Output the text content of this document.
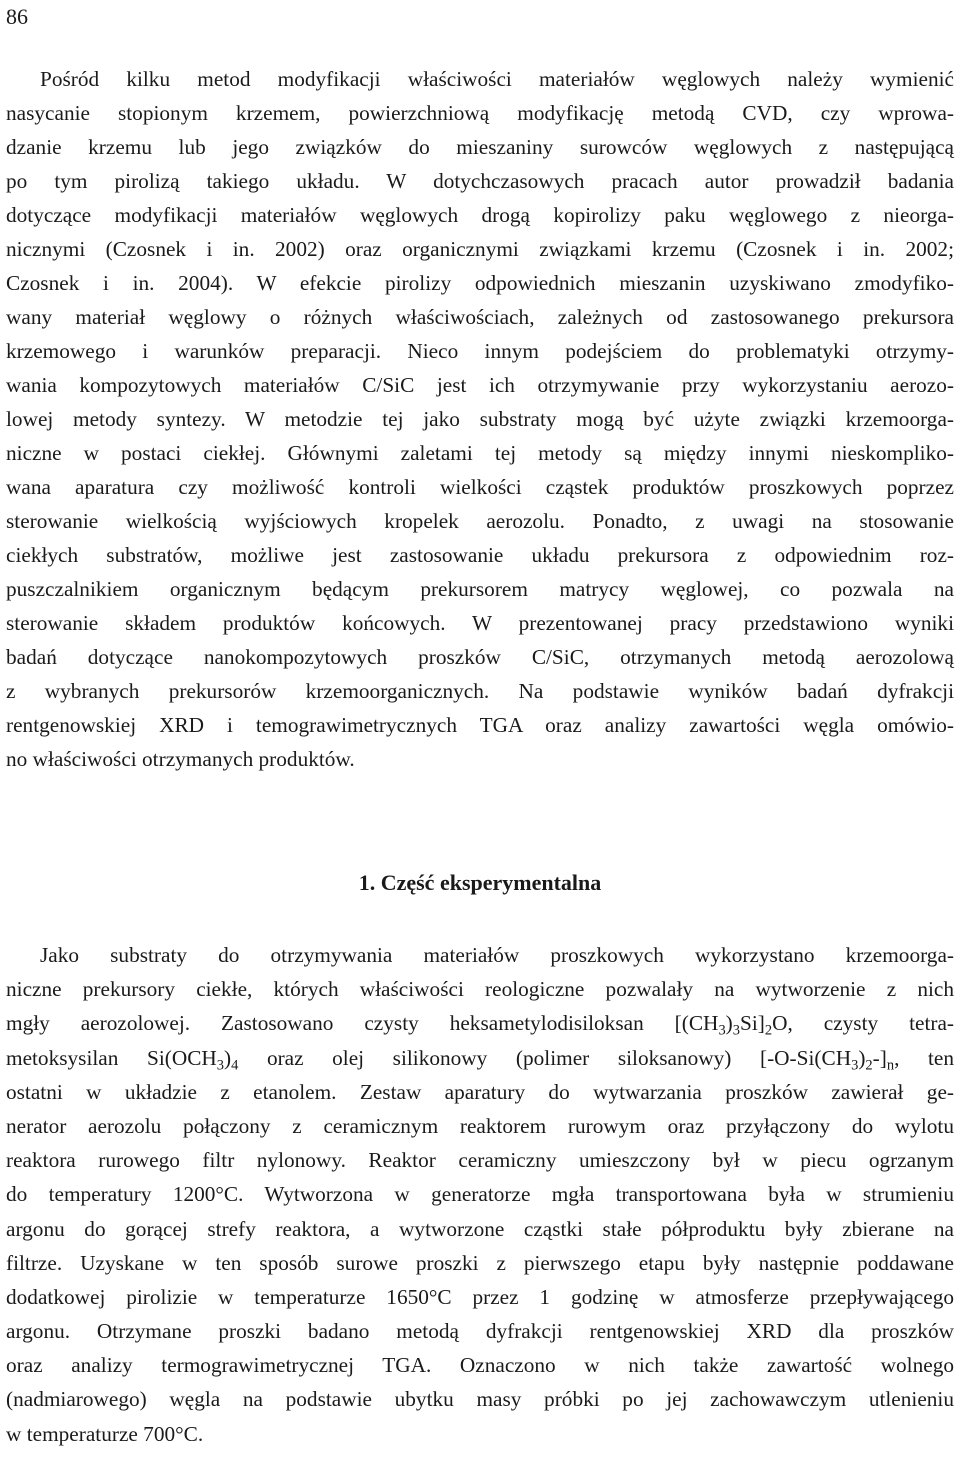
86
Pośród kilku metod modyfikacji właściwości materiałów węglowych należy wymienić
nasycanie stopionym krzemem, powierzchniową modyfikację metodą CVD, czy wprowa-
dzanie krzemu lub jego związków do mieszaniny surowców węglowych z następującą
po tym pirolizą takiego układu. W dotychczasowych pracach autor prowadził badania
dotyczące modyfikacji materiałów węglowych drogą kopirolizy paku węglowego z nieorga-
nicznymi (Czosnek i in. 2002) oraz organicznymi związkami krzemu (Czosnek i in. 2002;
Czosnek i in. 2004). W efekcie pirolizy odpowiednich mieszanin uzyskiwano zmodyfiko-
wany materiał węglowy o różnych właściwościach, zależnych od zastosowanego prekursora
krzemowego i warunków preparacji. Nieco innym podejściem do problematyki otrzymy-
wania kompozytowych materiałów C/SiC jest ich otrzymywanie przy wykorzystaniu aerozo-
lowej metody syntezy. W metodzie tej jako substraty mogą być użyte związki krzemoorga-
niczne w postaci ciekłej. Głównymi zaletami tej metody są między innymi nieskompliko-
wana aparatura czy możliwość kontroli wielkości cząstek produktów proszkowych poprzez
sterowanie wielkością wyjściowych kropelek aerozolu. Ponadto, z uwagi na stosowanie
ciekłych substratów, możliwe jest zastosowanie układu prekursora z odpowiednim roz-
puszczalnikiem organicznym będącym prekursorem matrycy węglowej, co pozwala na
sterowanie składem produktów końcowych. W prezentowanej pracy przedstawiono wyniki
badań dotyczące nanokompozytowych proszków C/SiC, otrzymanych metodą aerozolową
z wybranych prekursorów krzemoorganicznych. Na podstawie wyników badań dyfrakcji
rentgenowskiej XRD i temograwimetrycznych TGA oraz analizy zawartości węgla omówio-
no właściwości otrzymanych produktów.
1. Część eksperymentalna
Jako substraty do otrzymywania materiałów proszkowych wykorzystano krzemoorga-
niczne prekursory ciekłe, których właściwości reologiczne pozwalały na wytworzenie z nich
mgły aerozolowej. Zastosowano czysty heksametylodisiloksan $[(CH_3)_3Si]_2O$, czysty tetra-
metoksysilan $Si(OCH_3)_4$ oraz olej silikonowy (polimer siloksanowy) $[-O-Si(CH_3)_2-]_n$, ten
ostatni w układzie z etanolem. Zestaw aparatury do wytwarzania proszków zawierał ge-
nerator aerozolu połączony z ceramicznym reaktorem rurowym oraz przyłączony do wylotu
reaktora rurowego filtr nylonowy. Reaktor ceramiczny umieszczony był w piecu ogrzanym
do temperatury 1200°C. Wytworzona w generatorze mgła transportowana była w strumieniu
argonu do gorącej strefy reaktora, a wytworzone cząstki stałe półproduktu były zbierane na
filtrze. Uzyskane w ten sposób surowe proszki z pierwszego etapu były następnie poddawane
dodatkowej pirolizie w temperaturze 1650°C przez 1 godzinę w atmosferze przepływającego
argonu. Otrzymane proszki badano metodą dyfrakcji rentgenowskiej XRD dla proszków
oraz analizy termograwimetrycznej TGA. Oznaczono w nich także zawartość wolnego
(nadmiarowego) węgla na podstawie ubytku masy próbki po jej zachowawczym utlenieniu
w temperaturze 700°C.
